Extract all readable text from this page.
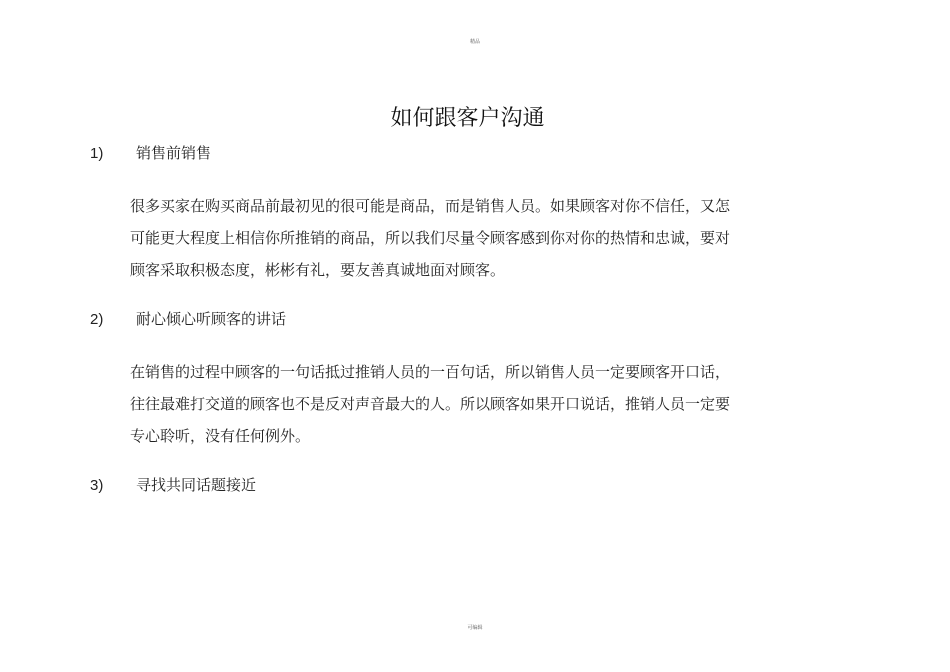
精品
如何跟客户沟通
1) 销售前销售
很多买家在购买商品前最初见的很可能是商品，而是销售人员。如果顾客对你不信任，又怎
可能更大程度上相信你所推销的商品，所以我们尽量令顾客感到你对你的热情和忠诚，要对
顾客采取积极态度，彬彬有礼，要友善真诚地面对顾客。
2) 耐心倾心听顾客的讲话
在销售的过程中顾客的一句话抵过推销人员的一百句话，所以销售人员一定要顾客开口话，
往往最难打交道的顾客也不是反对声音最大的人。所以顾客如果开口说话，推销人员一定要
专心聆听，没有任何例外。
3) 寻找共同话题接近
可编辑
